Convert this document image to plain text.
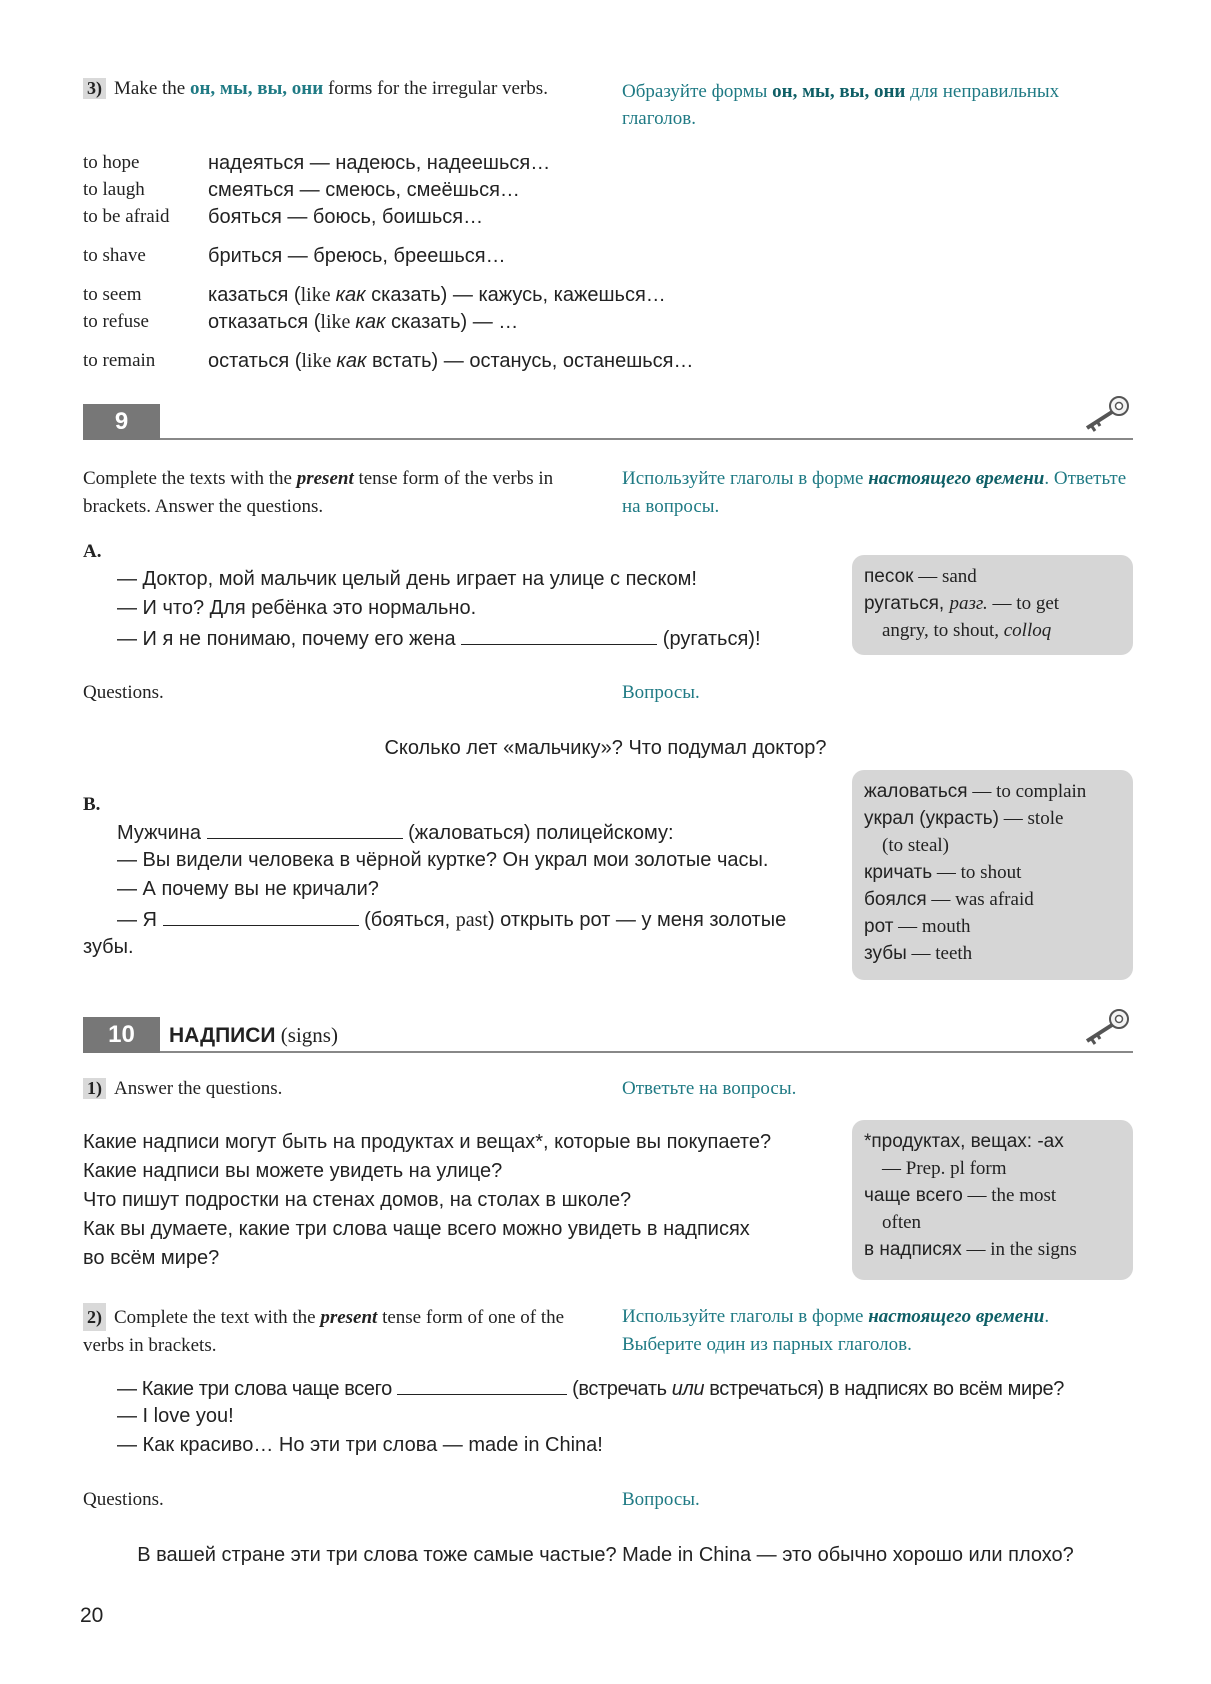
3) Make the он, мы, вы, они forms for the irregular verbs.	Образуйте формы он, мы, вы, они для неправильных глаголов.
to hope	надеяться — надеюсь, надеешься…
to laugh	смеяться — смеюсь, смеёшься…
to be afraid бояться — боюсь, боишься…
to shave	бриться — бреюсь, бреешься…
to seem	казаться (like как сказать) — кажусь, кажешься…
to refuse	отказаться (like как сказать) — …
to remain	остаться (like как встать) — останусь, останешься…
9
Complete the texts with the present tense form of the verbs in brackets. Answer the questions.
Используйте глаголы в форме настоящего времени. Ответьте на вопросы.
A.
— Доктор, мой мальчик целый день играет на улице с песком!
— И что? Для ребёнка это нормально.
— И я не понимаю, почему его жена	(ругаться)!
песок — sand
ругаться, разг. — to get
angry, to shout, colloq
Questions.	Вопросы.
Сколько лет «мальчику»? Что подумал доктор?
B.
Мужчина	(жаловаться) полицейскому:
— Вы видели человека в чёрной куртке? Он украл мои золотые часы.
— А почему вы не кричали?
— Я	(бояться, past) открыть рот — у меня золотые
зубы.
жаловаться — to complain
украл (украсть) — stole
(to steal)
кричать — to shout
боялся — was afraid
рот — mouth
зубы — teeth
10	НАДПИСИ (signs)
1) Answer the questions.	Ответьте на вопросы.
Какие надписи могут быть на продуктах и вещах*, которые вы покупаете?
Какие надписи вы можете увидеть на улице?
Что пишут подростки на стенах домов, на столах в школе?
Как вы думаете, какие три слова чаще всего можно увидеть в надписях
во всём мире?
*продуктах, вещах: -ах
— Prep. pl form
чаще всего — the most
often
в надписях — in the signs
2) Complete the text with the present tense form of one of the verbs in brackets.
Используйте глаголы в форме настоящего времени. Выберите один из парных глаголов.
— Какие три слова чаще всего	(встречать или встречаться) в надписях во всём мире?
— I love you!
— Как красиво… Но эти три слова — made in China!
Questions.	Вопросы.
В вашей стране эти три слова тоже самые частые? Made in China — это обычно хорошо или плохо?
20
